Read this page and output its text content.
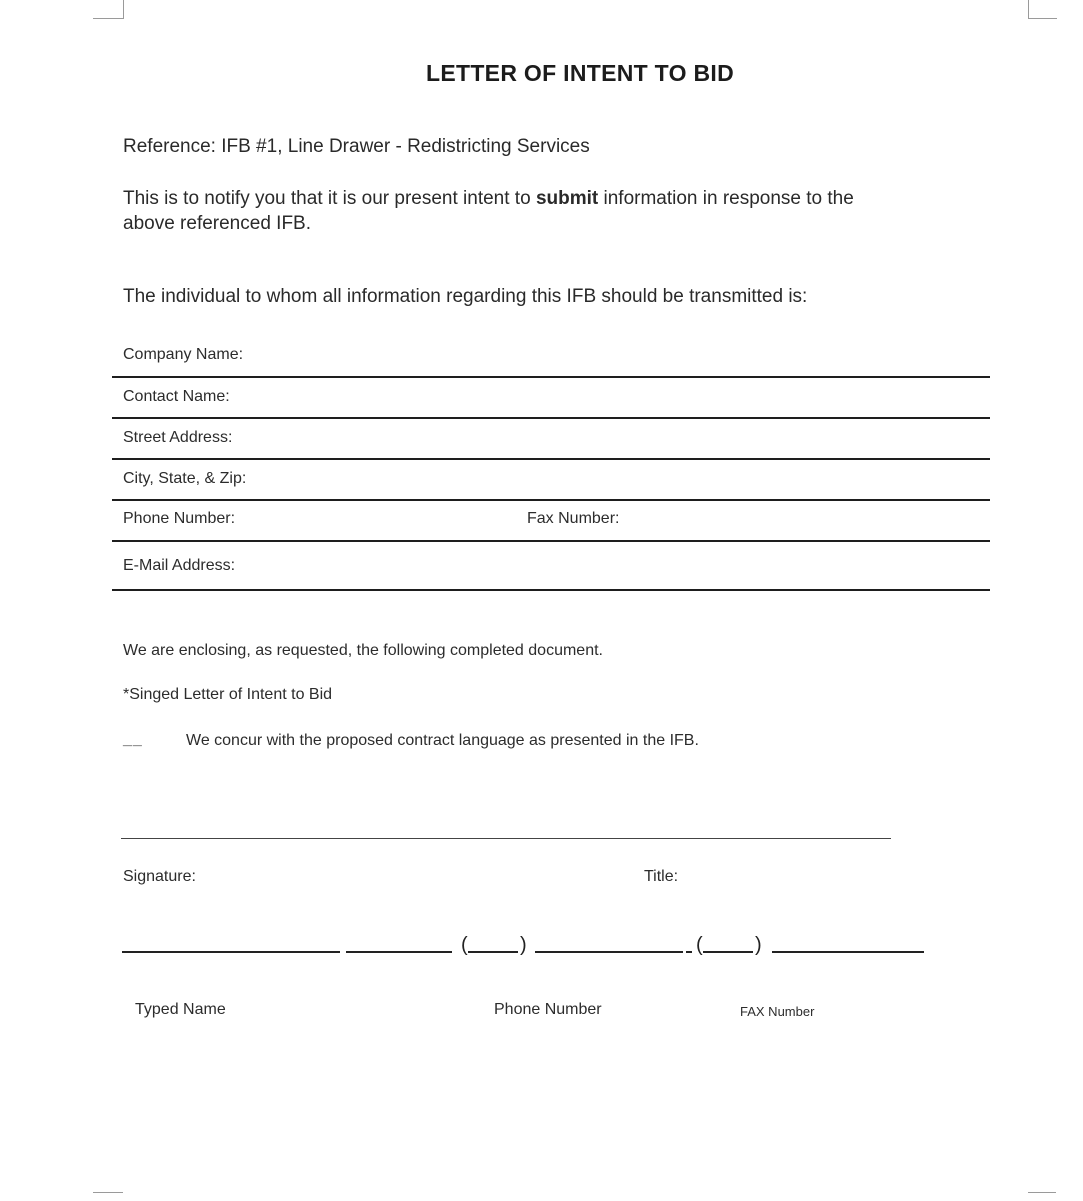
LETTER OF INTENT TO BID
Reference: IFB #1, Line Drawer - Redistricting Services
This is to notify you that it is our present intent to submit information in response to the
above referenced IFB.
The individual to whom all information regarding this IFB should be transmitted is:
Company Name:
Contact Name:
Street Address:
City, State, & Zip:
Phone Number:	Fax Number:
E-Mail Address:
We are enclosing, as requested, the following completed document.
*Singed Letter of Intent to Bid
__	We concur with the proposed contract language as presented in the IFB.
Signature:	Title:
(	)	(	)
Typed Name	Phone Number	FAX Number
